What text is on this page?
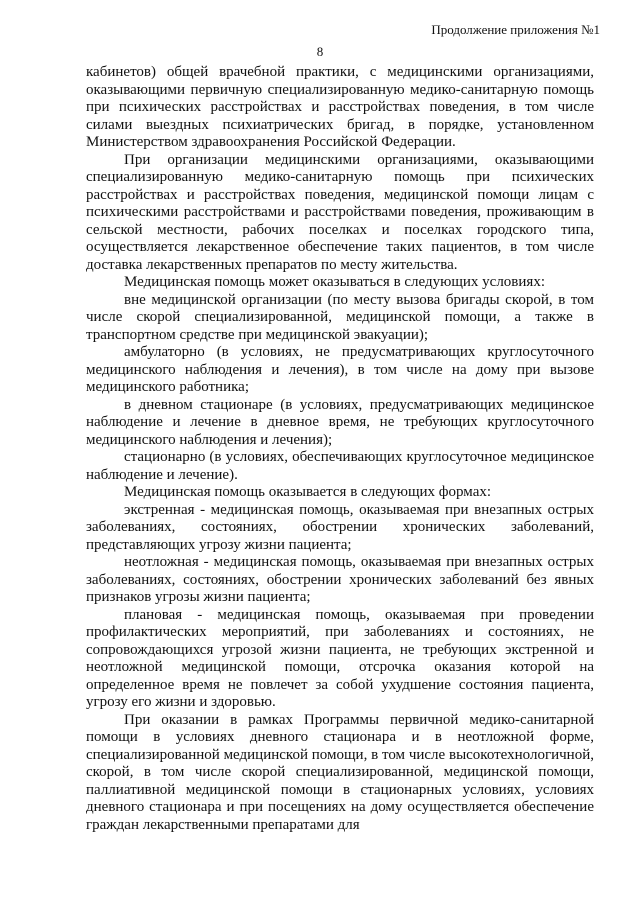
Продолжение приложения №1
8

кабинетов) общей врачебной практики, с медицинскими организациями, оказывающими первичную специализированную медико-санитарную помощь при психических расстройствах и расстройствах поведения, в том числе силами выездных психиатрических бригад, в порядке, установленном Министерством здравоохранения Российской Федерации.

При организации медицинскими организациями, оказывающими специализированную медико-санитарную помощь при психических расстройствах и расстройствах поведения, медицинской помощи лицам с психическими расстройствами и расстройствами поведения, проживающим в сельской местности, рабочих поселках и поселках городского типа, осуществляется лекарственное обеспечение таких пациентов, в том числе доставка лекарственных препаратов по месту жительства.

Медицинская помощь может оказываться в следующих условиях:

вне медицинской организации (по месту вызова бригады скорой, в том числе скорой специализированной, медицинской помощи, а также в транспортном средстве при медицинской эвакуации);

амбулаторно (в условиях, не предусматривающих круглосуточного медицинского наблюдения и лечения), в том числе на дому при вызове медицинского работника;

в дневном стационаре (в условиях, предусматривающих медицинское наблюдение и лечение в дневное время, не требующих круглосуточного медицинского наблюдения и лечения);

стационарно (в условиях, обеспечивающих круглосуточное медицинское наблюдение и лечение).

Медицинская помощь оказывается в следующих формах:

экстренная - медицинская помощь, оказываемая при внезапных острых заболеваниях, состояниях, обострении хронических заболеваний, представляющих угрозу жизни пациента;

неотложная - медицинская помощь, оказываемая при внезапных острых заболеваниях, состояниях, обострении хронических заболеваний без явных признаков угрозы жизни пациента;

плановая - медицинская помощь, оказываемая при проведении профилактических мероприятий, при заболеваниях и состояниях, не сопровождающихся угрозой жизни пациента, не требующих экстренной и неотложной медицинской помощи, отсрочка оказания которой на определенное время не повлечет за собой ухудшение состояния пациента, угрозу его жизни и здоровью.

При оказании в рамках Программы первичной медико-санитарной помощи в условиях дневного стационара и в неотложной форме, специализированной медицинской помощи, в том числе высокотехнологичной, скорой, в том числе скорой специализированной, медицинской помощи, паллиативной медицинской помощи в стационарных условиях, условиях дневного стационара и при посещениях на дому осуществляется обеспечение граждан лекарственными препаратами для
